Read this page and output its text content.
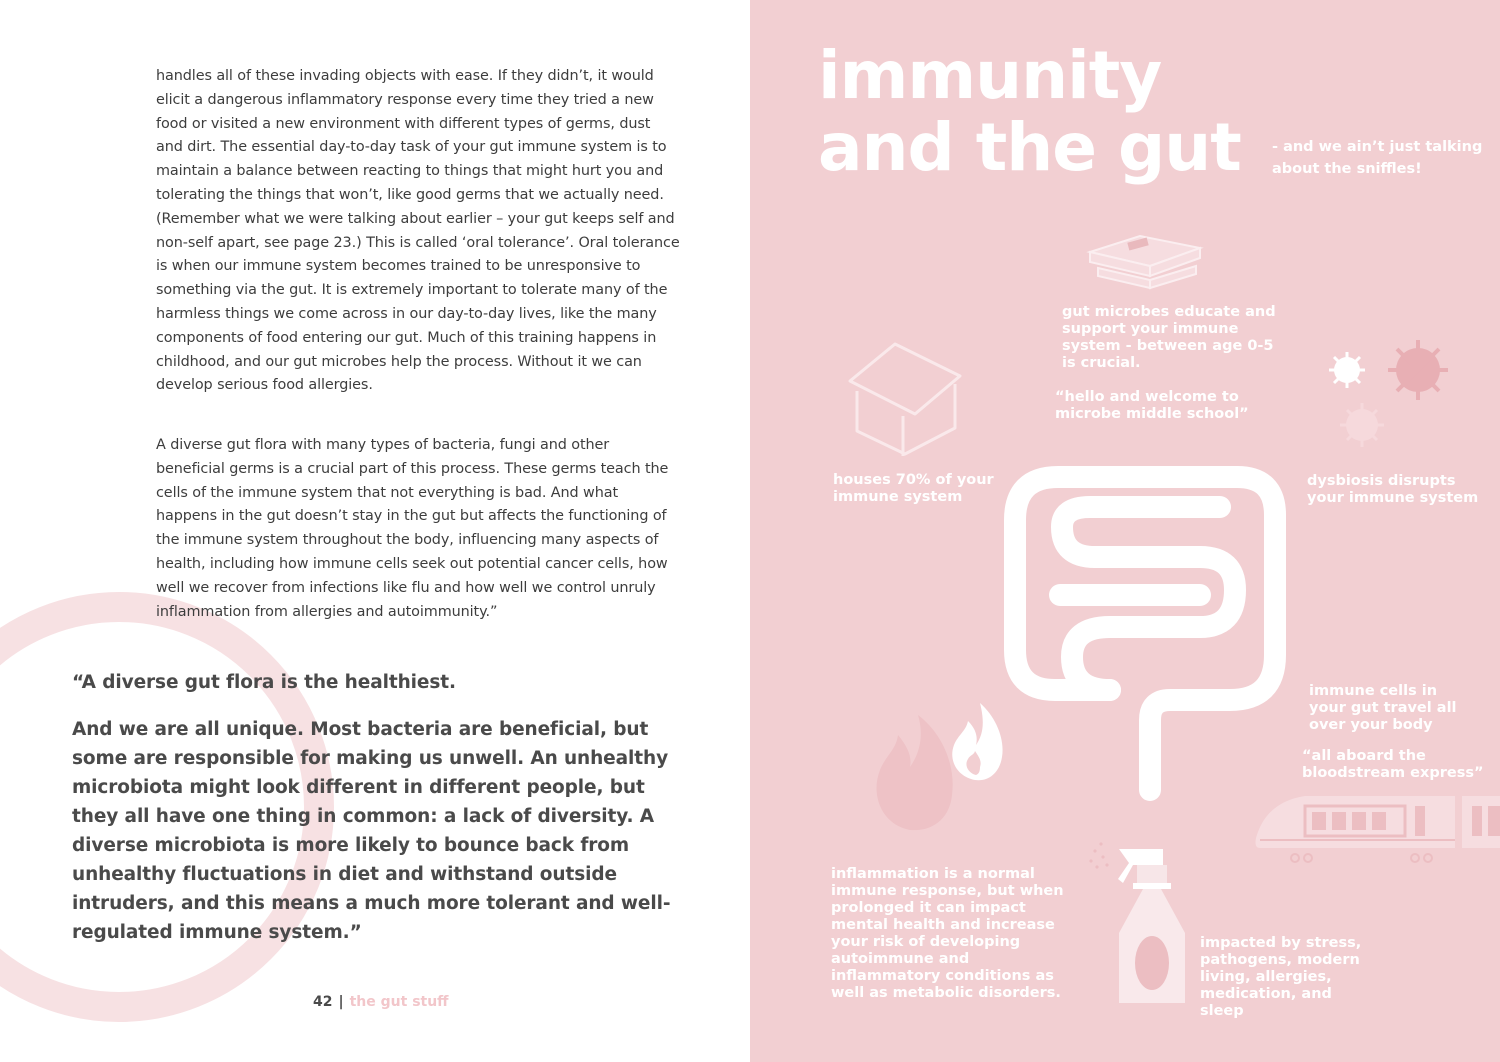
handles all of these invading objects with ease. If they didn’t, it would elicit a dangerous inflammatory response every time they tried a new food or visited a new environment with different types of germs, dust and dirt. The essential day-to-day task of your gut immune system is to maintain a balance between reacting to things that might hurt you and tolerating the things that won’t, like good germs that we actually need. (Remember what we were talking about earlier – your gut keeps self and non-self apart, see page 23.) This is called ‘oral tolerance’. Oral tolerance is when our immune system becomes trained to be unresponsive to something via the gut. It is extremely important to tolerate many of the harmless things we come across in our day-to-day lives, like the many components of food entering our gut. Much of this training happens in childhood, and our gut microbes help the process. Without it we can develop serious food allergies.

A diverse gut flora with many types of bacteria, fungi and other beneficial germs is a crucial part of this process. These germs teach the cells of the immune system that not everything is bad. And what happens in the gut doesn’t stay in the gut but affects the functioning of the immune system throughout the body, influencing many aspects of health, including how immune cells seek out potential cancer cells, how well we recover from infections like flu and how well we control unruly inflammation from allergies and autoimmunity.”

“A diverse gut flora is the healthiest.

And we are all unique. Most bacteria are beneficial, but some are responsible for making us unwell. An unhealthy microbiota might look different in different people, but they all have one thing in common: a lack of diversity. A diverse microbiota is more likely to bounce back from unhealthy fluctuations in diet and withstand outside intruders, and this means a much more tolerant and well-regulated immune system.”

42 | the gut stuff
immunity
and the gut - and we ain’t just talking about the sniffles!

gut microbes educate and support your immune system - between age 0-5 is crucial.

“hello and welcome to microbe middle school”

houses 70% of your immune system

dysbiosis disrupts your immune system

immune cells in your gut travel all over your body

“all aboard the bloodstream express”

inflammation is a normal immune response, but when prolonged it can impact mental health and increase your risk of developing autoimmune and inflammatory conditions as well as metabolic disorders.

impacted by stress, pathogens, modern living, allergies, medication, and sleep
